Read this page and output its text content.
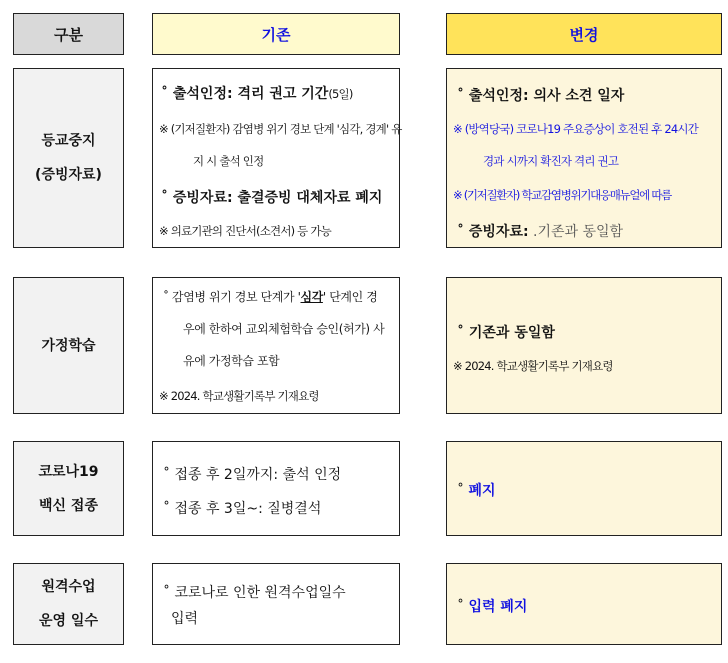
구분	기존	변경
등교중지
(증빙자료)
˚ 출석인정: 격리 권고 기간(5일)
※ (기저질환자) 감염병 위기 경보 단계 '심각, 경계' 유
지 시 출석 인정
˚ 증빙자료: 출결증빙 대체자료 폐지
※ 의료기관의 진단서(소견서) 등 가능
˚ 출석인정: 의사 소견 일자
※ (방역당국) 코로나19 주요증상이 호전된 후 24시간
경과 시까지 확진자 격리 권고
※ (기저질환자) 학교감염병위기대응매뉴얼에 따름
˚ 증빙자료: .기존과 동일함
가정학습
˚ 감염병 위기 경보 단계가 '심각' 단계인 경
우에 한하여 교외체험학습 승인(허가) 사
유에 가정학습 포함
※ 2024. 학교생활기록부 기재요령
˚ 기존과 동일함
※ 2024. 학교생활기록부 기재요령
코로나19
백신 접종
˚ 접종 후 2일까지: 출석 인정
˚ 접종 후 3일~: 질병결석
˚ 폐지
원격수업
운영 일수
˚ 코로나로 인한 원격수업일수
입력
˚ 입력 폐지
